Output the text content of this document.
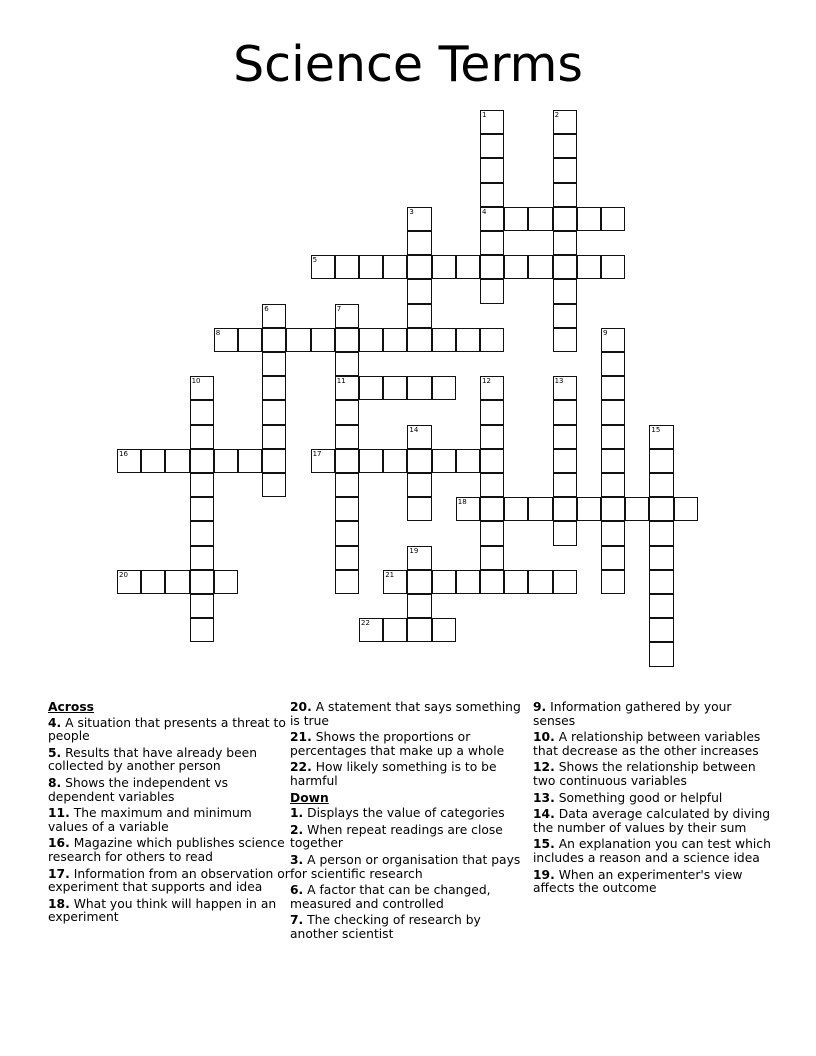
Science Terms
1
4
2
3
5
6	7
11
8	9
10	12	13
14	15
16	17
18
19
20	21
22
Across
4. A situation that presents a threat to people
5. Results that have already been collected by another person
8. Shows the independent vs dependent variables
11. The maximum and minimum values of a variable
16. Magazine which publishes science research for others to read
17. Information from an observation or experiment that supports and idea
18. What you think will happen in an experiment
20. A statement that says something is true
21. Shows the proportions or percentages that make up a whole
22. How likely something is to be harmful
Down
1. Displays the value of categories
2. When repeat readings are close together
3. A person or organisation that pays for scientific research
6. A factor that can be changed, measured and controlled
7. The checking of research by another scientist
9. Information gathered by your senses
10. A relationship between variables that decrease as the other increases
12. Shows the relationship between two continuous variables
13. Something good or helpful
14. Data average calculated by diving the number of values by their sum
15. An explanation you can test which includes a reason and a science idea
19. When an experimenter's view affects the outcome
